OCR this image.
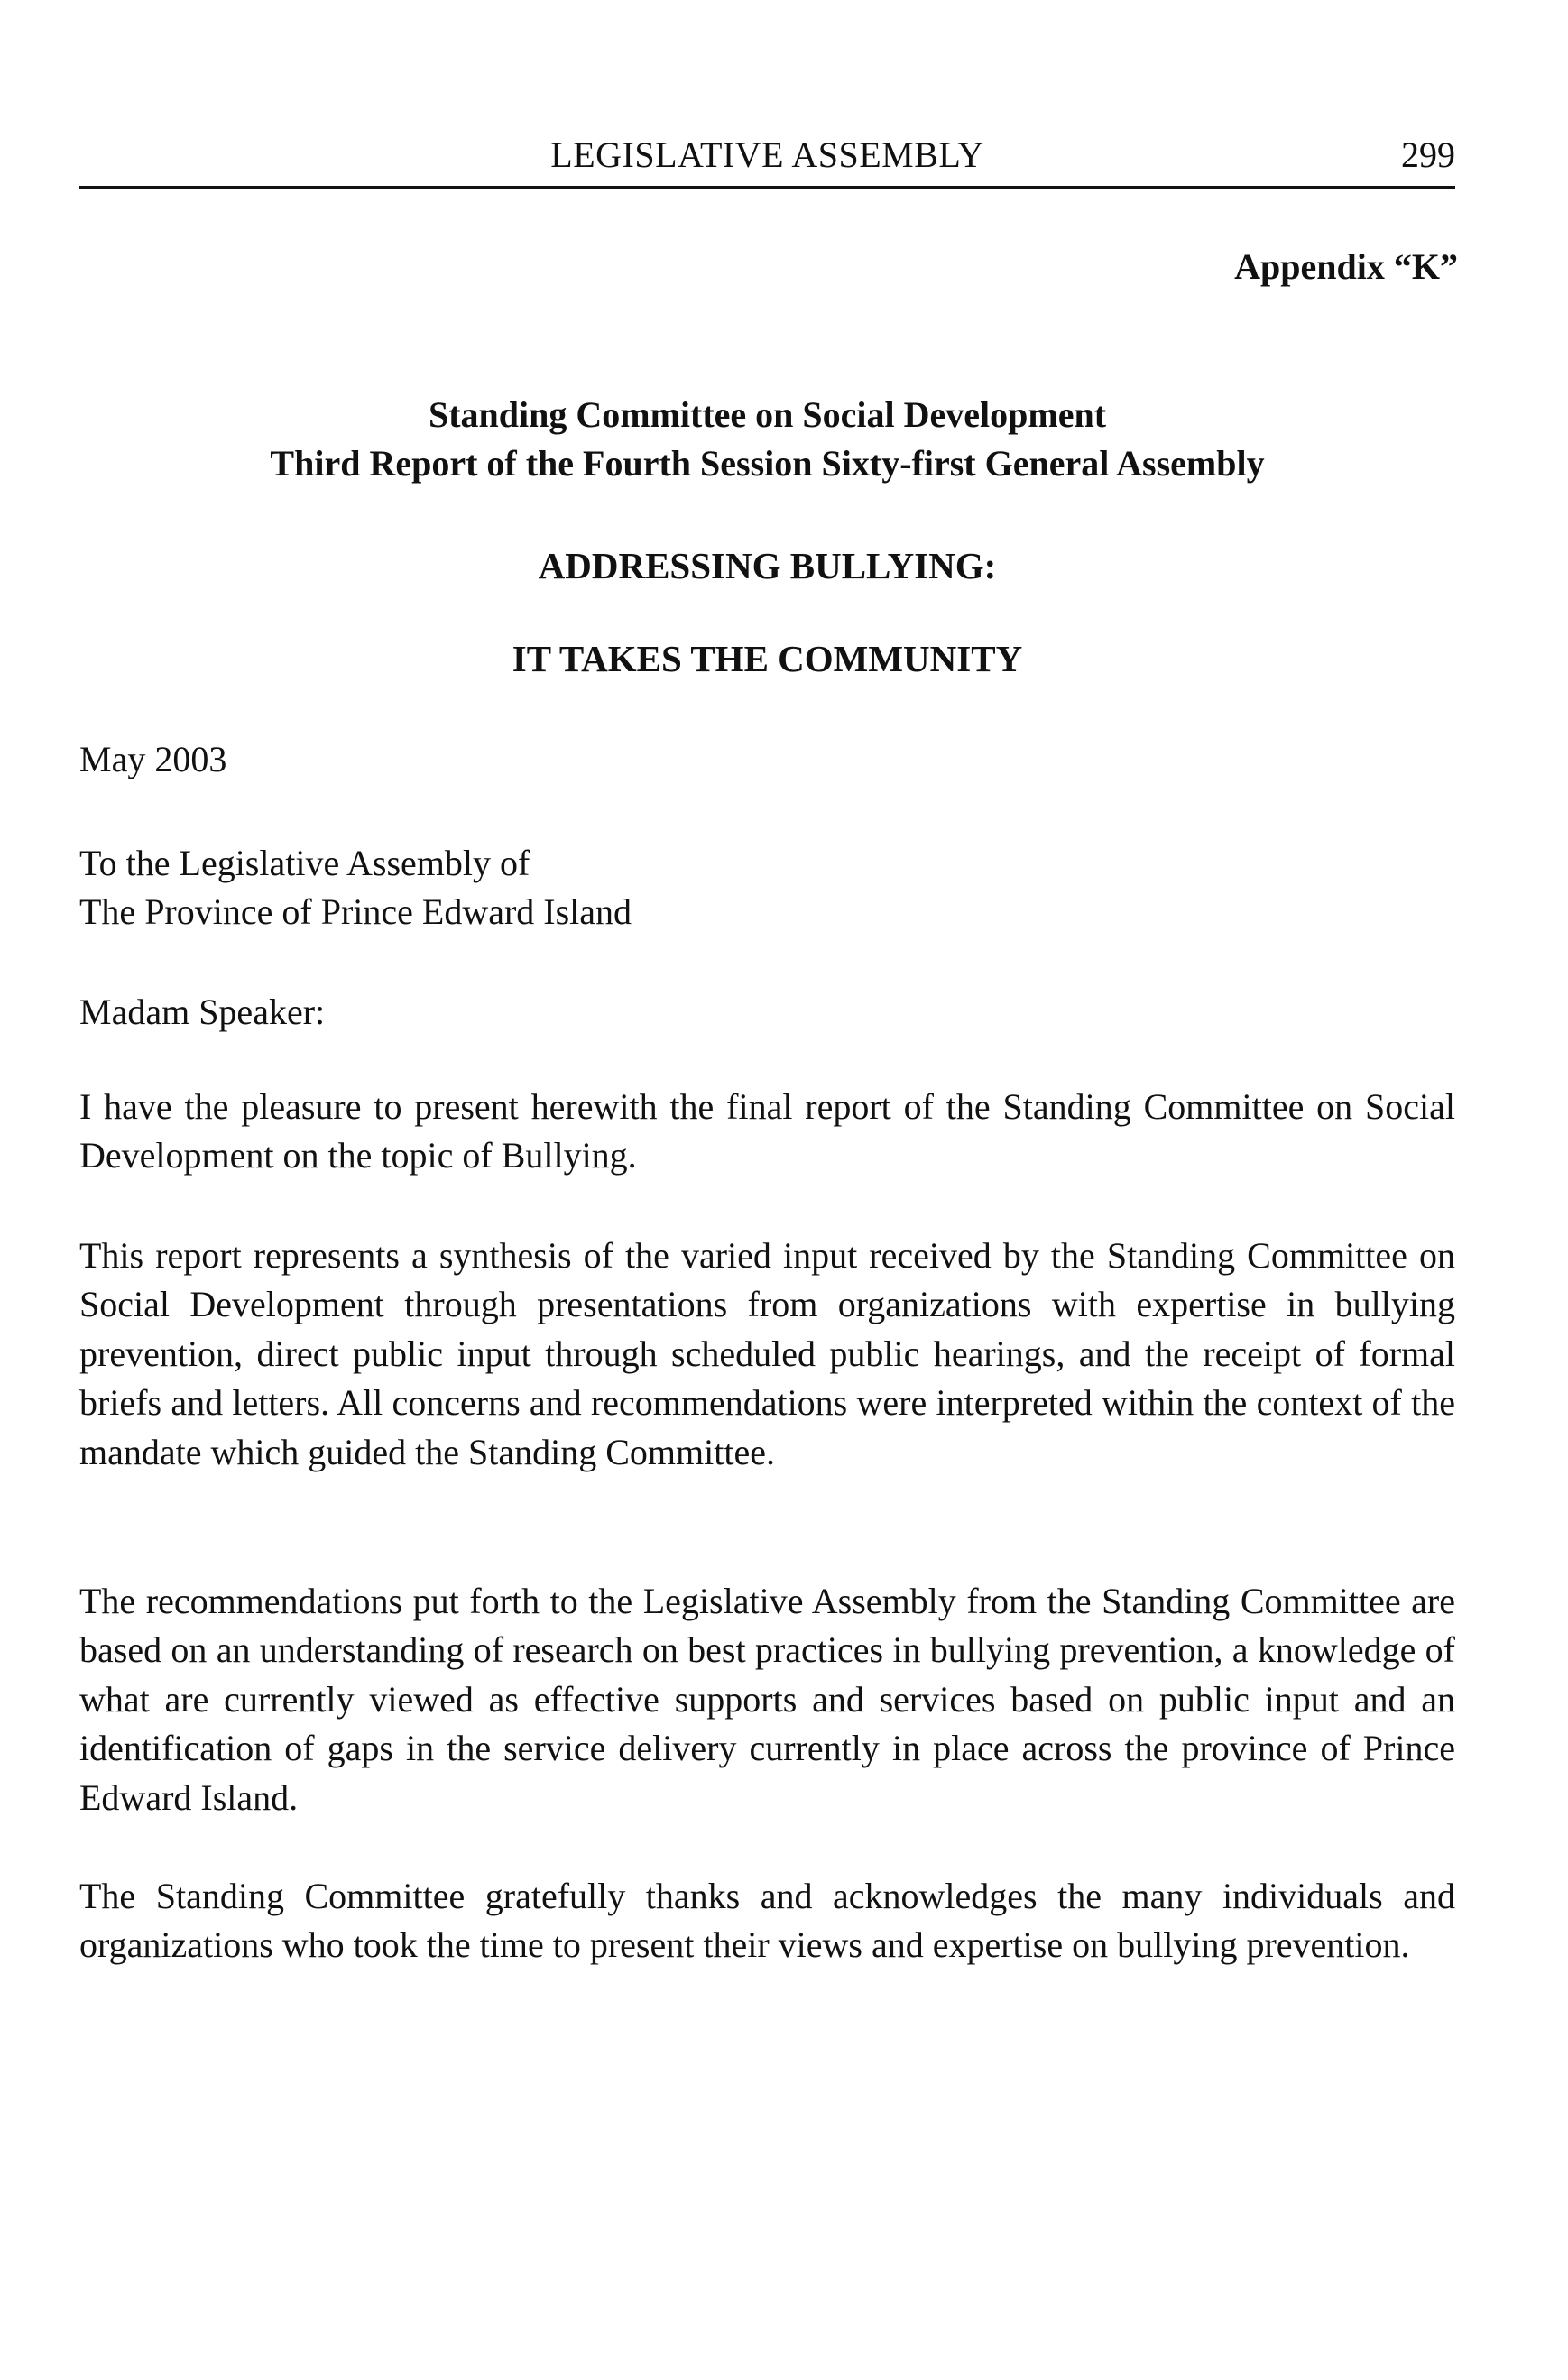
LEGISLATIVE ASSEMBLY	299
Appendix “K”
Standing Committee on Social Development
Third Report of the Fourth Session Sixty-first General Assembly
ADDRESSING BULLYING:
IT TAKES THE COMMUNITY
May 2003
To the Legislative Assembly of
The Province of Prince Edward Island
Madam Speaker:

I have the pleasure to present herewith the final report of the Standing Committee on Social Development on the topic of Bullying.

This report represents a synthesis of the varied input received by the Standing Committee on Social Development through presentations from organizations with expertise in bullying prevention, direct public input through scheduled public hearings, and the receipt of formal briefs and letters. All concerns and recommendations were interpreted within the context of the mandate which guided the Standing Committee.

The recommendations put forth to the Legislative Assembly from the Standing Committee are based on an understanding of research on best practices in bullying prevention, a knowledge of what are currently viewed as effective supports and services based on public input and an identification of gaps in the service delivery currently in place across the province of Prince Edward Island.

The Standing Committee gratefully thanks and acknowledges the many individuals and organizations who took the time to present their views and expertise on bullying prevention.
